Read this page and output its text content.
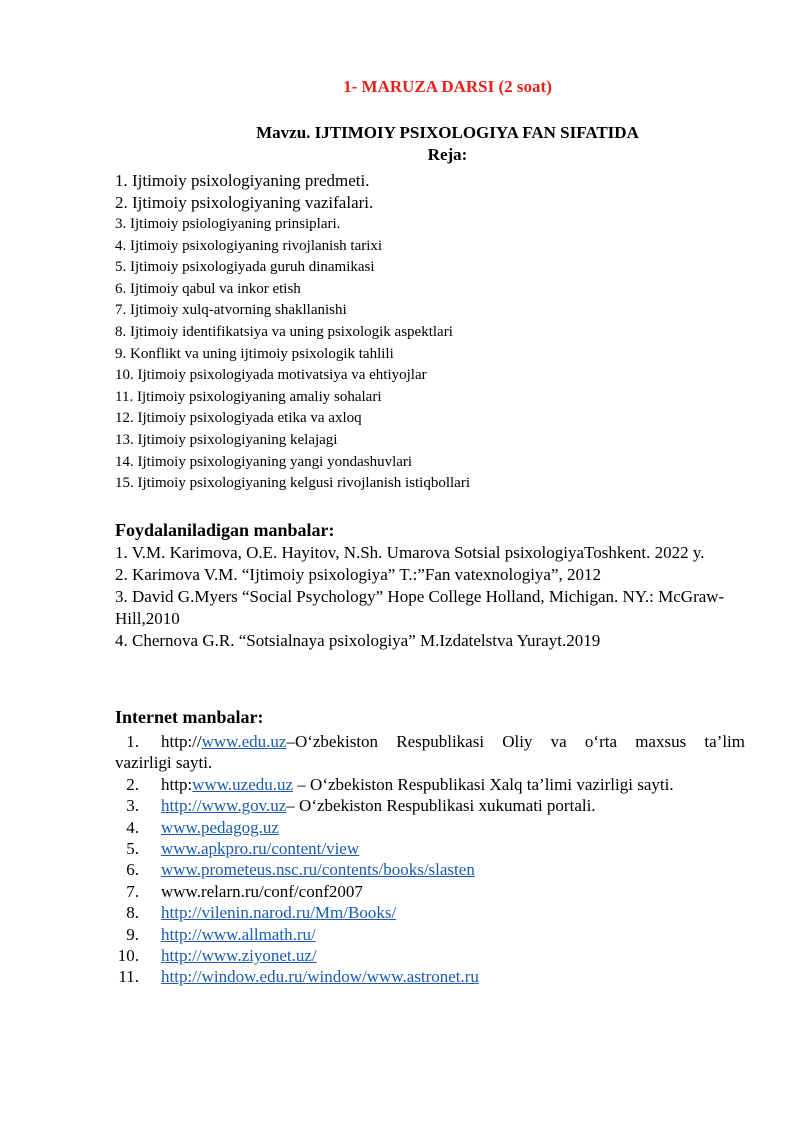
1- MARUZA DARSI (2 soat)
Mavzu. IJTIMOIY PSIXOLOGIYA FAN SIFATIDA
Reja:
1. Ijtimoiy psixologiyaning predmeti.
2. Ijtimoiy psixologiyaning vazifalari.
3. Ijtimoiy psiologiyaning prinsiplari.
4. Ijtimoiy psixologiyaning rivojlanish tarixi
5. Ijtimoiy psixologiyada guruh dinamikasi
6. Ijtimoiy qabul va inkor etish
7. Ijtimoiy xulq-atvorning shakllanishi
8. Ijtimoiy identifikatsiya va uning psixologik aspektlari
9. Konflikt va uning ijtimoiy psixologik tahlili
10. Ijtimoiy psixologiyada motivatsiya va ehtiyojlar
11. Ijtimoiy psixologiyaning amaliy sohalari
12. Ijtimoiy psixologiyada etika va axloq
13. Ijtimoiy psixologiyaning kelajagi
14. Ijtimoiy psixologiyaning yangi yondashuvlari
15. Ijtimoiy psixologiyaning kelgusi rivojlanish istiqbollari
Foydalaniladigan manbalar:
1. V.M. Karimova, O.E. Hayitov, N.Sh. Umarova Sotsial psixologiyaToshkent. 2022 y.
2. Karimova V.M. “Ijtimoiy psixologiya” T.:”Fan vatexnologiya”, 2012
3. David G.Myers “Social Psychology” Hope College Holland, Michigan. NY.: McGraw-Hill,2010
4. Chernova G.R. “Sotsialnaya psixologiya” M.Izdatelstva Yurayt.2019
Internet manbalar:
1. http://www.edu.uz–O‘zbekiston Respublikasi Oliy va o‘rta maxsus ta’lim
vazirligi sayti.
2.	http:www.uzedu.uz – O‘zbekiston Respublikasi Xalq ta’limi vazirligi sayti.
3.	http://www.gov.uz– O‘zbekiston Respublikasi xukumati portali.
4.	www.pedagog.uz
5.	www.apkpro.ru/content/view
6.	www.prometeus.nsc.ru/contents/books/slasten
7.	www.relarn.ru/conf/conf2007
8.	http://vilenin.narod.ru/Mm/Books/
9.	http://www.allmath.ru/
10.	http://www.ziyonet.uz/
11.	http://window.edu.ru/window/www.astronet.ru
